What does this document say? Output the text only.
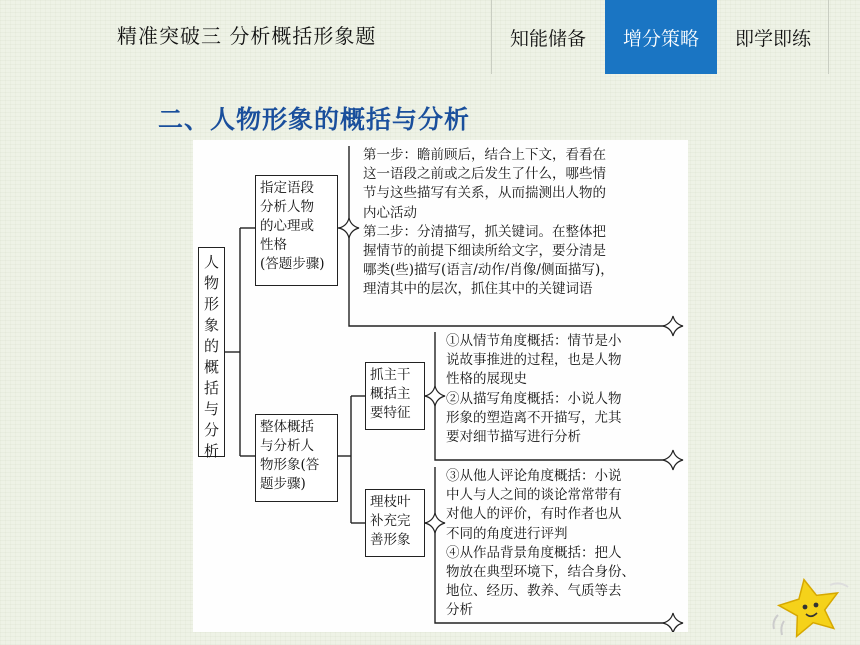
精准突破三 分析概括形象题	知能储备	增分策略	即学即练
二、人物形象的概括与分析
人
物
形
象
的
概
括
与
分
析
指定语段
分析人物
的心理或
性格
(答题步骤)
第一步：瞻前顾后，结合上下文，看看在
这一语段之前或之后发生了什么，哪些情
节与这些描写有关系，从而揣测出人物的
内心活动
第二步：分清描写，抓关键词。在整体把
握情节的前提下细读所给文字，要分清是
哪类(些)描写(语言/动作/肖像/侧面描写)，
理清其中的层次，抓住其中的关键词语
整体概括
与分析人
物形象(答
题步骤)
抓主干
概括主
要特征
①从情节角度概括：情节是小
说故事推进的过程，也是人物
性格的展现史
②从描写角度概括：小说人物
形象的塑造离不开描写，尤其
要对细节描写进行分析
理枝叶
补充完
善形象
③从他人评论角度概括：小说
中人与人之间的谈论常常带有
对他人的评价，有时作者也从
不同的角度进行评判
④从作品背景角度概括：把人
物放在典型环境下，结合身份、
地位、经历、教养、气质等去
分析
